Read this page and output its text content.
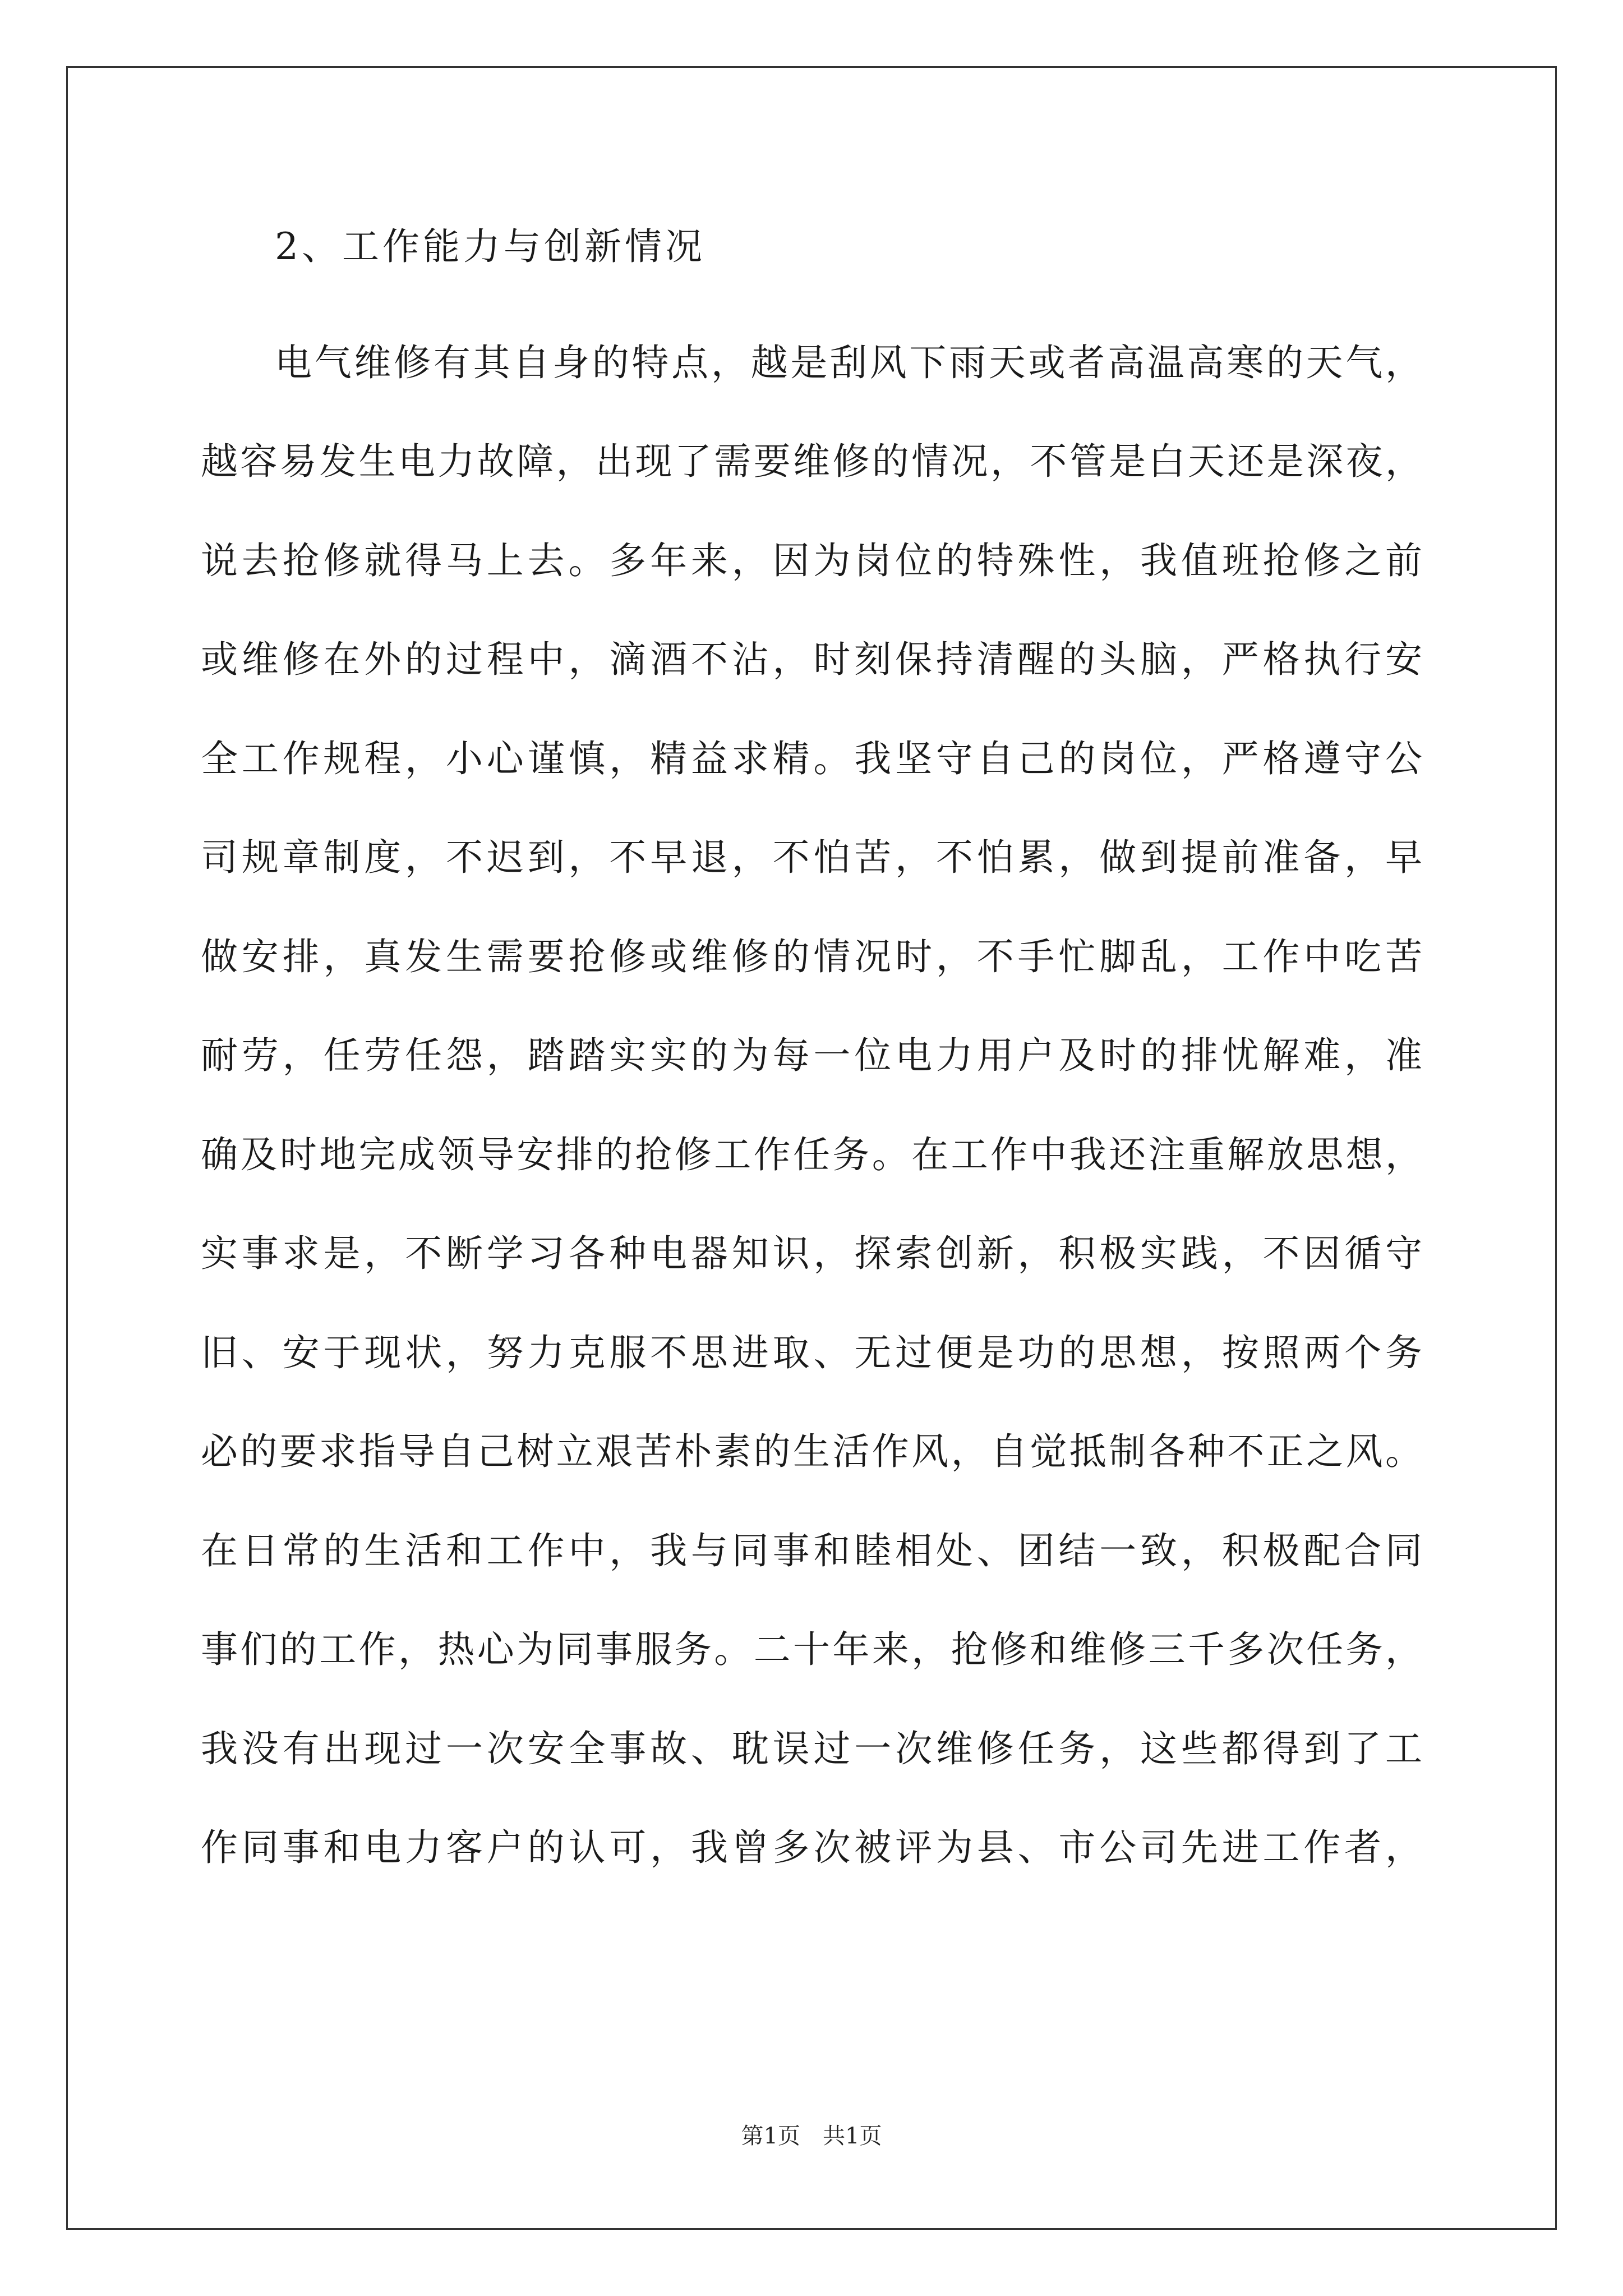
2、工作能力与创新情况
电气维修有其自身的特点，越是刮风下雨天或者高温高寒的天气，
越容易发生电力故障，出现了需要维修的情况，不管是白天还是深夜，
说去抢修就得马上去。多年来，因为岗位的特殊性，我值班抢修之前
或维修在外的过程中，滴酒不沾，时刻保持清醒的头脑，严格执行安
全工作规程，小心谨慎，精益求精。我坚守自己的岗位，严格遵守公
司规章制度，不迟到，不早退，不怕苦，不怕累，做到提前准备，早
做安排，真发生需要抢修或维修的情况时，不手忙脚乱，工作中吃苦
耐劳，任劳任怨，踏踏实实的为每一位电力用户及时的排忧解难，准
确及时地完成领导安排的抢修工作任务。在工作中我还注重解放思想，
实事求是，不断学习各种电器知识，探索创新，积极实践，不因循守
旧、安于现状，努力克服不思进取、无过便是功的思想，按照两个务
必的要求指导自己树立艰苦朴素的生活作风，自觉抵制各种不正之风。
在日常的生活和工作中，我与同事和睦相处、团结一致，积极配合同
事们的工作，热心为同事服务。二十年来，抢修和维修三千多次任务，
我没有出现过一次安全事故、耽误过一次维修任务，这些都得到了工
作同事和电力客户的认可，我曾多次被评为县、市公司先进工作者，
第1页　共1页
